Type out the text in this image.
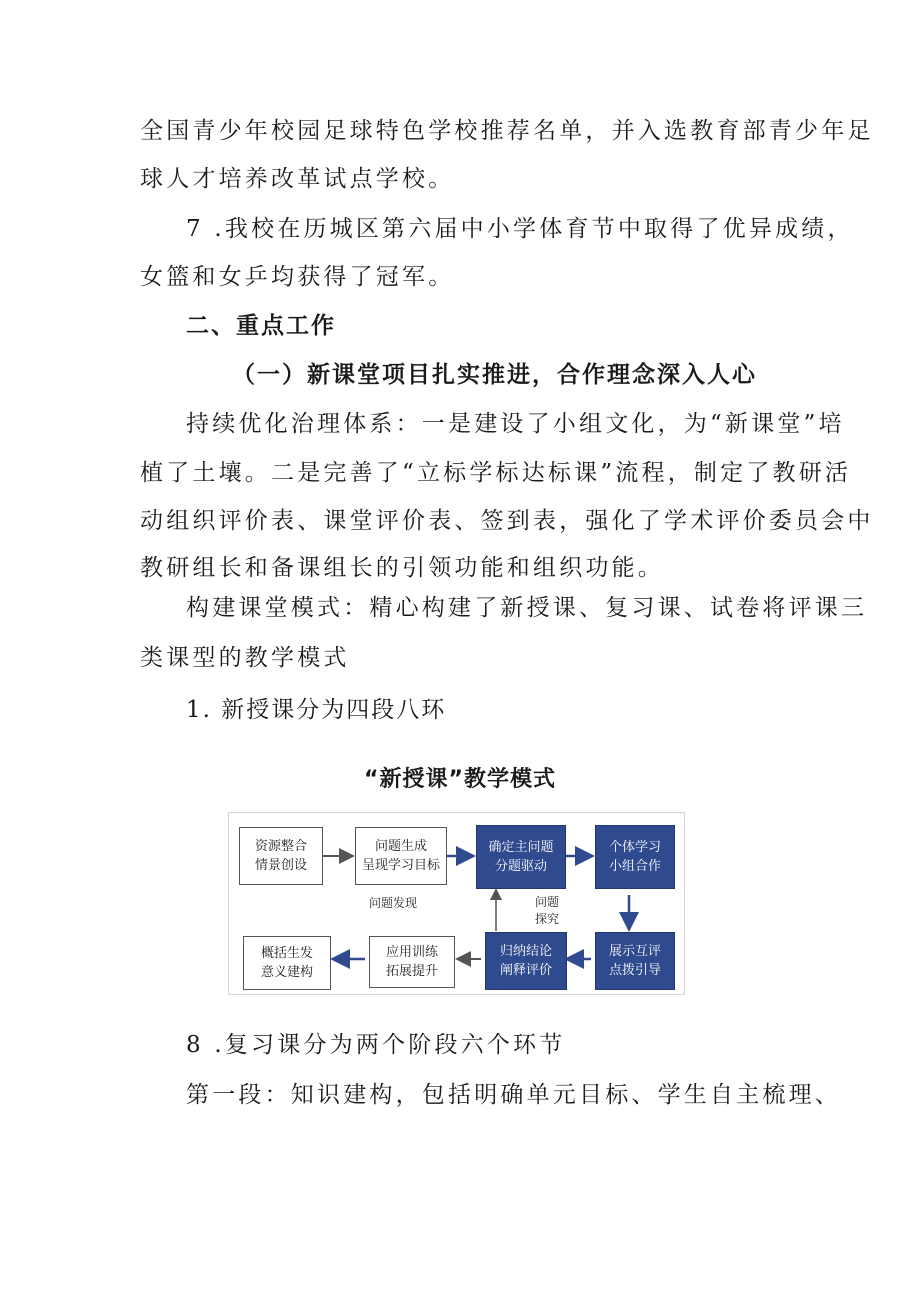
全国青少年校园足球特色学校推荐名单，并入选教育部青少年足
球人才培养改革试点学校。
7 .我校在历城区第六届中小学体育节中取得了优异成绩，
女篮和女乒均获得了冠军。
二、重点工作
（一）新课堂项目扎实推进，合作理念深入人心
持续优化治理体系：一是建设了小组文化，为“新课堂”培
植了土壤。二是完善了“立标学标达标课”流程，制定了教研活
动组织评价表、课堂评价表、签到表，强化了学术评价委员会中
教研组长和备课组长的引领功能和组织功能。
构建课堂模式：精心构建了新授课、复习课、试卷将评课三
类课型的教学模式
1. 新授课分为四段八环
“新授课”教学模式
资源整合
情景创设
问题生成
呈现学习目标
确定主问题
分题驱动
个体学习
小组合作
展示互评
点拨引导
归纳结论
阐释评价
应用训练
拓展提升
概括生发
意义建构
问题发现	问题
探究
8 .复习课分为两个阶段六个环节
第一段：知识建构，包括明确单元目标、学生自主梳理、
